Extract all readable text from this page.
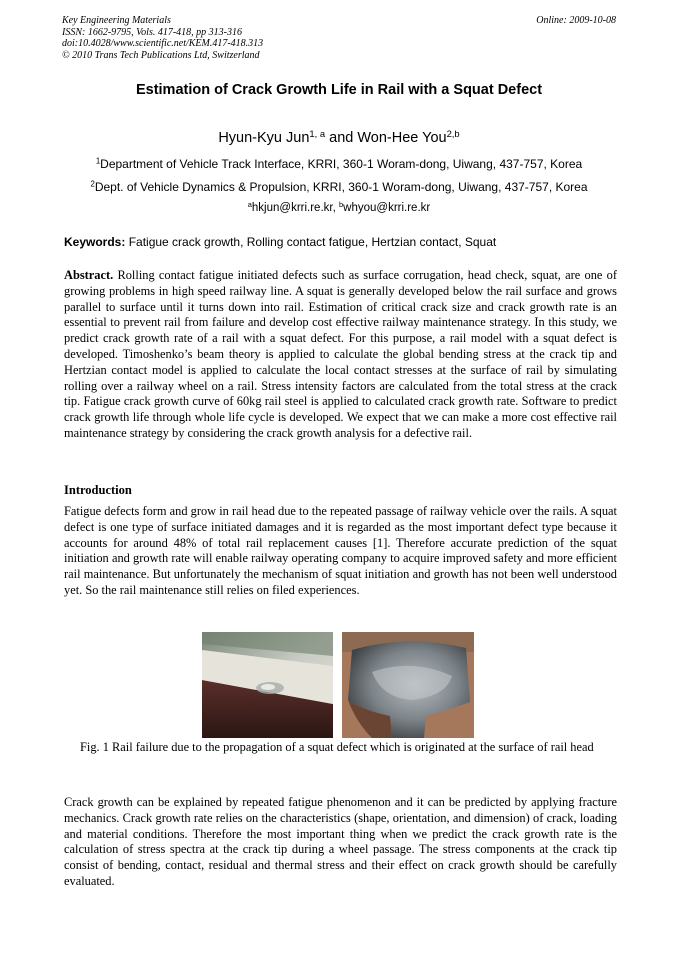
Key Engineering Materials
ISSN: 1662-9795, Vols. 417-418, pp 313-316
doi:10.4028/www.scientific.net/KEM.417-418.313
© 2010 Trans Tech Publications Ltd, Switzerland
Online: 2009-10-08
Estimation of Crack Growth Life in Rail with a Squat Defect
Hyun-Kyu Jun$^{1, a}$ and Won-Hee You$^{2,b}$
$^1$Department of Vehicle Track Interface, KRRI, 360-1 Woram-dong, Uiwang, 437-757, Korea
$^2$Dept. of Vehicle Dynamics & Propulsion, KRRI, 360-1 Woram-dong, Uiwang, 437-757, Korea
$^a$hkjun@krri.re.kr, $^b$whyou@krri.re.kr
Keywords: Fatigue crack growth, Rolling contact fatigue, Hertzian contact, Squat
Abstract. Rolling contact fatigue initiated defects such as surface corrugation, head check, squat, are one of growing problems in high speed railway line. A squat is generally developed below the rail surface and grows parallel to surface until it turns down into rail. Estimation of critical crack size and crack growth rate is an essential to prevent rail from failure and develop cost effective railway maintenance strategy. In this study, we predict crack growth rate of a rail with a squat defect. For this purpose, a rail model with a squat defect is developed. Timoshenko’s beam theory is applied to calculate the global bending stress at the crack tip and Hertzian contact model is applied to calculate the local contact stresses at the surface of rail by simulating rolling over a railway wheel on a rail. Stress intensity factors are calculated from the total stress at the crack tip. Fatigue crack growth curve of 60kg rail steel is applied to calculated crack growth rate. Software to predict crack growth life through whole life cycle is developed. We expect that we can make a more cost effective rail maintenance strategy by considering the crack growth analysis for a defective rail.
Introduction
Fatigue defects form and grow in rail head due to the repeated passage of railway vehicle over the rails. A squat defect is one type of surface initiated damages and it is regarded as the most important defect type because it accounts for around 48% of total rail replacement causes [1]. Therefore accurate prediction of the squat initiation and growth rate will enable railway operating company to acquire improved safety and more efficient rail maintenance. But unfortunately the mechanism of squat initiation and growth has not been well understood yet. So the rail maintenance still relies on filed experiences.
Fig. 1 Rail failure due to the propagation of a squat defect which is originated at the surface of rail head
Crack growth can be explained by repeated fatigue phenomenon and it can be predicted by applying fracture mechanics. Crack growth rate relies on the characteristics (shape, orientation, and dimension) of crack, loading and material conditions. Therefore the most important thing when we predict the crack growth rate is the calculation of stress spectra at the crack tip during a wheel passage. The stress components at the crack tip consist of bending, contact, residual and thermal stress and their effect on crack growth should be carefully evaluated.
